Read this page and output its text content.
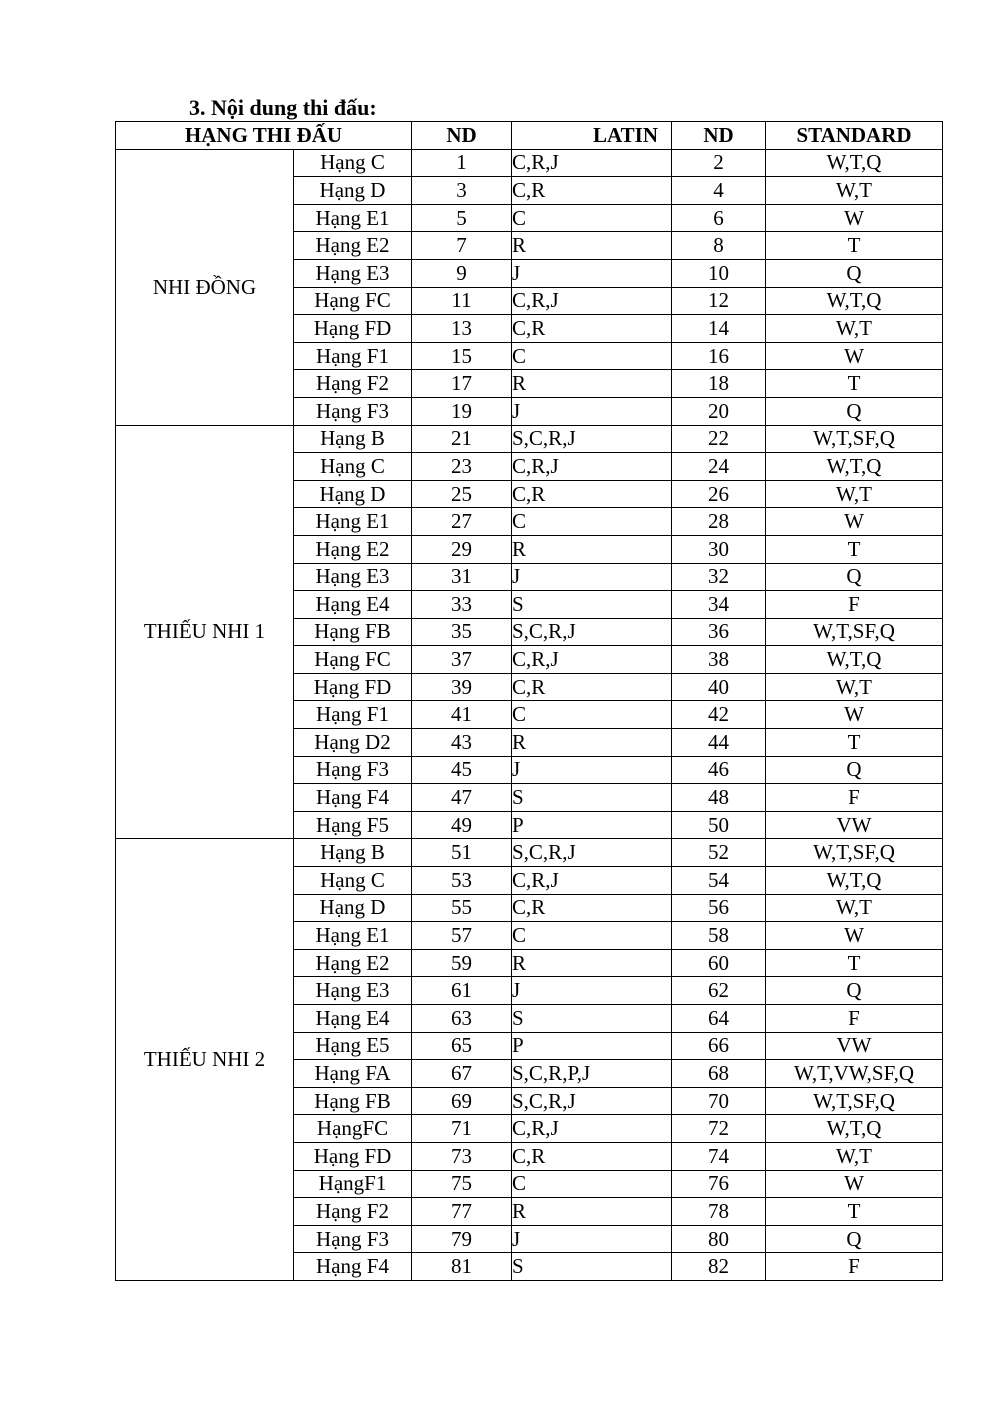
3. Nội dung thi đấu:
HẠNG THI ĐẤU		ND	LATIN	ND	STANDARD
NHI ĐỒNG	Hạng C	1	C,R,J	2	W,T,Q
	Hạng D	3	C,R	4	W,T
	Hạng E1	5	C	6	W
	Hạng E2	7	R	8	T
	Hạng E3	9	J	10	Q
	Hạng FC	11	C,R,J	12	W,T,Q
	Hạng FD	13	C,R	14	W,T
	Hạng F1	15	C	16	W
	Hạng F2	17	R	18	T
	Hạng F3	19	J	20	Q
THIẾU NHI 1	Hạng B	21	S,C,R,J	22	W,T,SF,Q
	Hạng C	23	C,R,J	24	W,T,Q
	Hạng D	25	C,R	26	W,T
	Hạng E1	27	C	28	W
	Hạng E2	29	R	30	T
	Hạng E3	31	J	32	Q
	Hạng E4	33	S	34	F
	Hạng FB	35	S,C,R,J	36	W,T,SF,Q
	Hạng FC	37	C,R,J	38	W,T,Q
	Hạng FD	39	C,R	40	W,T
	Hạng F1	41	C	42	W
	Hạng D2	43	R	44	T
	Hạng F3	45	J	46	Q
	Hạng F4	47	S	48	F
	Hạng F5	49	P	50	VW
THIẾU NHI 2	Hạng B	51	S,C,R,J	52	W,T,SF,Q
	Hạng C	53	C,R,J	54	W,T,Q
	Hạng D	55	C,R	56	W,T
	Hạng E1	57	C	58	W
	Hạng E2	59	R	60	T
	Hạng E3	61	J	62	Q
	Hạng E4	63	S	64	F
	Hạng E5	65	P	66	VW
	Hạng FA	67	S,C,R,P,J	68	W,T,VW,SF,Q
	Hạng FB	69	S,C,R,J	70	W,T,SF,Q
	HạngFC	71	C,R,J	72	W,T,Q
	Hạng FD	73	C,R	74	W,T
	HạngF1	75	C	76	W
	Hạng F2	77	R	78	T
	Hạng F3	79	J	80	Q
	Hạng F4	81	S	82	F
